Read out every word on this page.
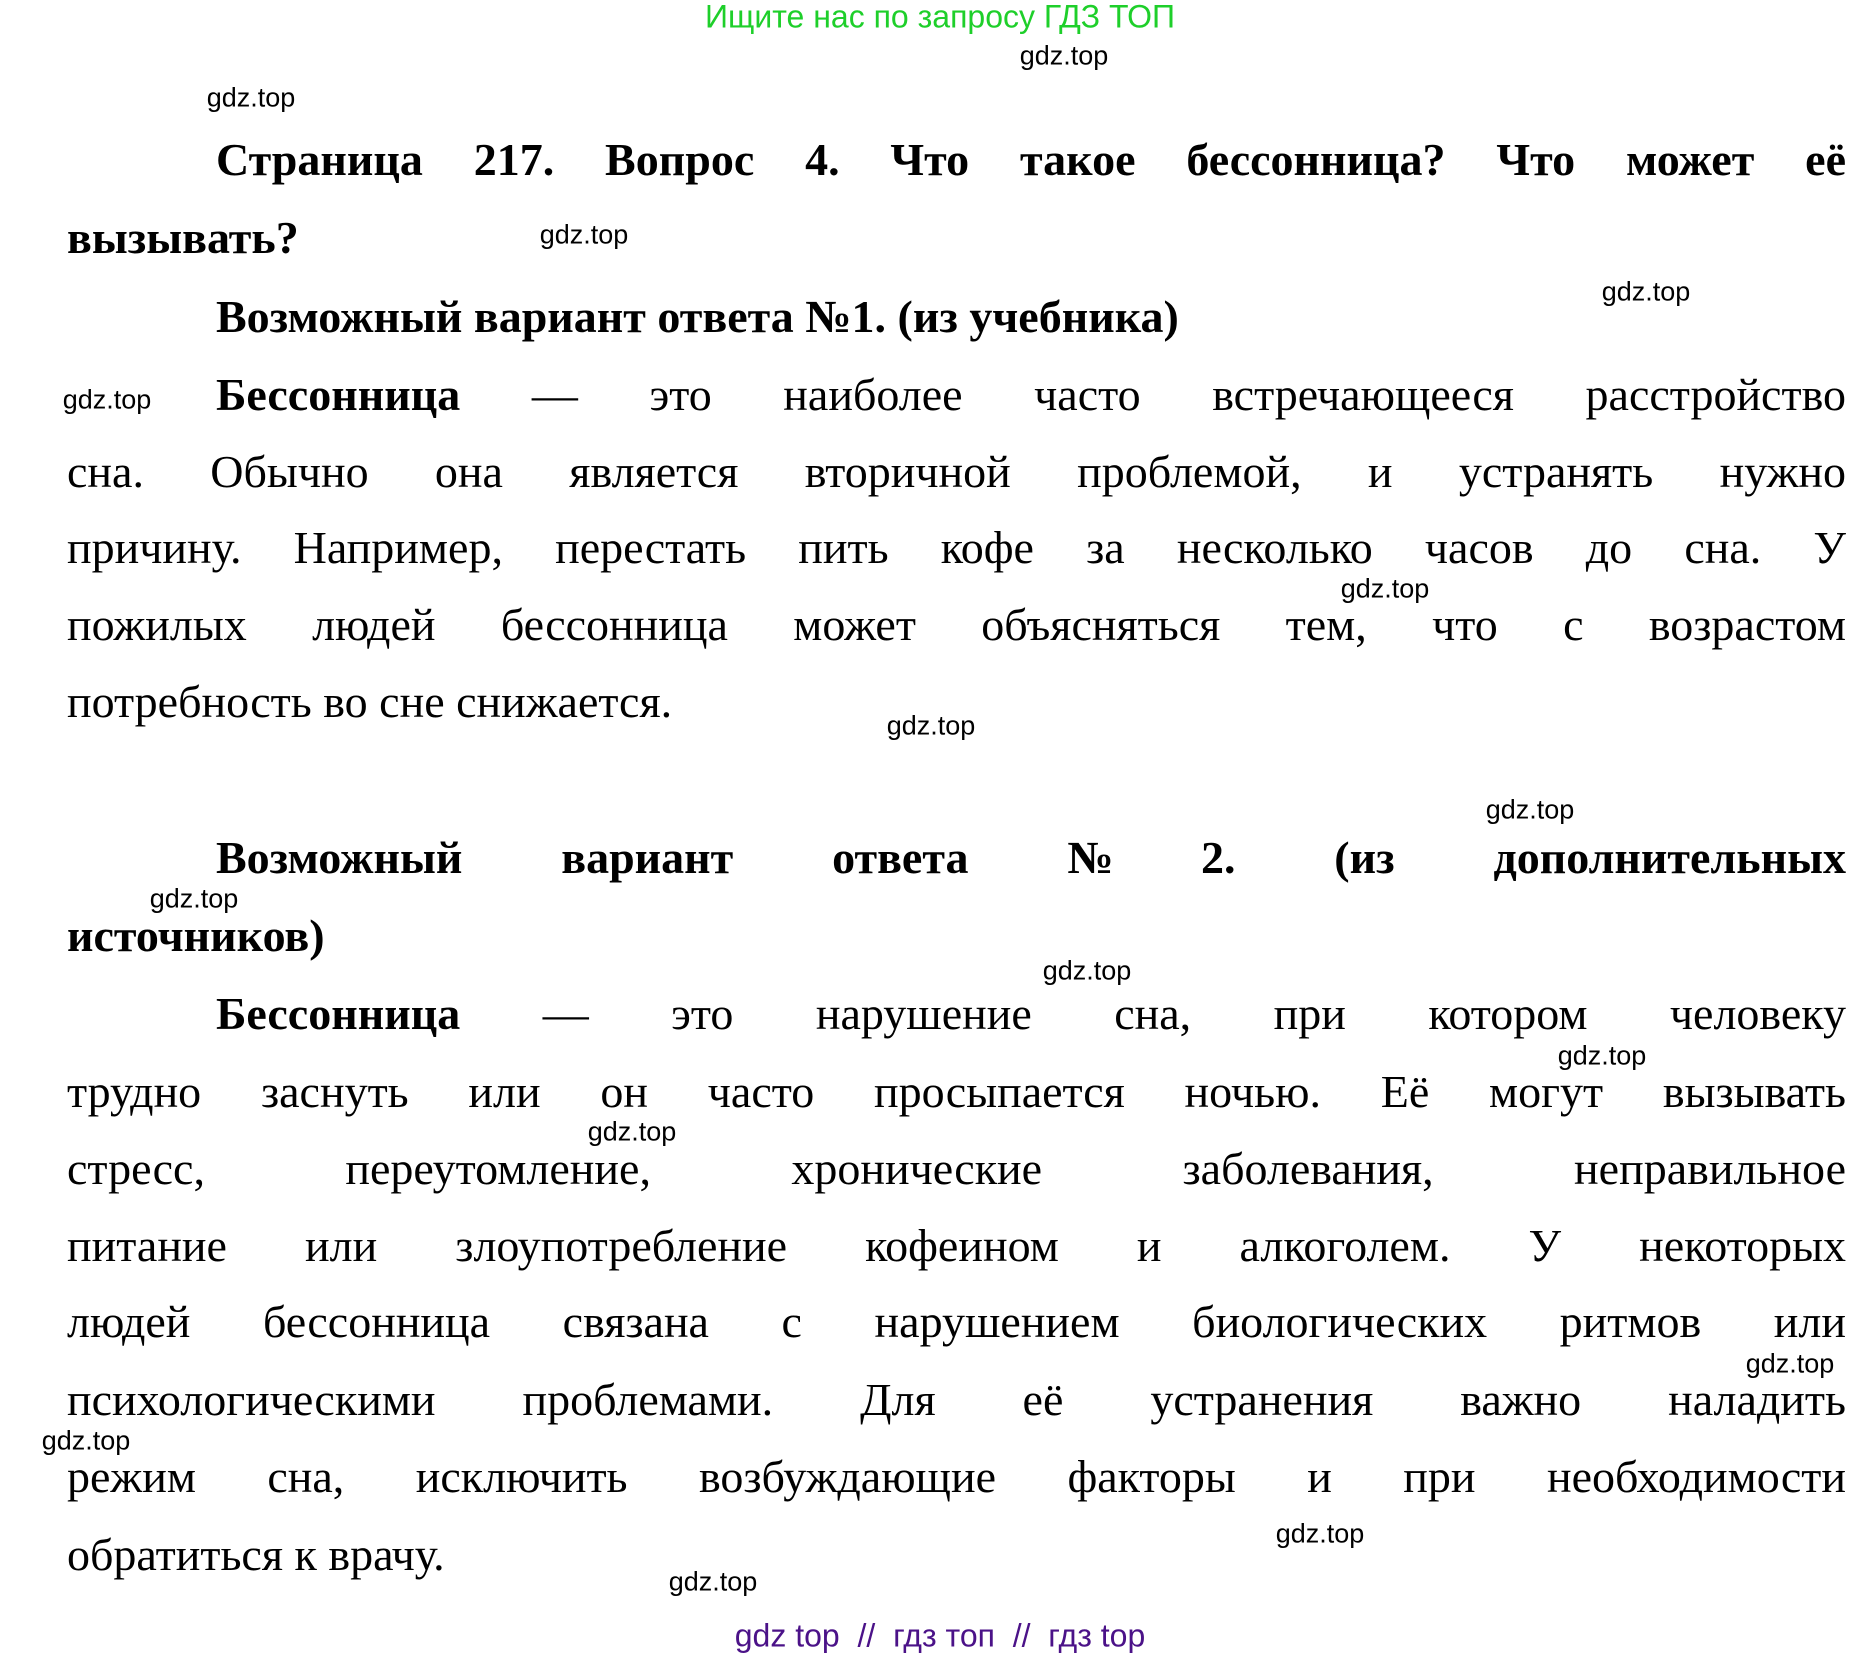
Ищите нас по запросу ГДЗ ТОП
Страница 217. Вопрос 4. Что такое бессонница? Что может её
вызывать?
Возможный вариант ответа №1. (из учебника)
Бессонница — это наиболее часто встречающееся расстройство
сна. Обычно она является вторичной проблемой, и устранять нужно
причину. Например, перестать пить кофе за несколько часов до сна. У
пожилых людей бессонница может объясняться тем, что с возрастом
потребность во сне снижается.
Возможный вариант ответа №2. (из дополнительных
источников)
Бессонница — это нарушение сна, при котором человеку
трудно заснуть или он часто просыпается ночью. Её могут вызывать
стресс, переутомление, хронические заболевания, неправильное
питание или злоупотребление кофеином и алкоголем. У некоторых
людей бессонница связана с нарушением биологических ритмов или
психологическими проблемами. Для её устранения важно наладить
режим сна, исключить возбуждающие факторы и при необходимости
обратиться к врачу.
gdz.top
gdz.top
gdz.top
gdz.top
gdz.top
gdz.top
gdz.top
gdz.top
gdz.top
gdz.top
gdz.top
gdz.top
gdz.top
gdz.top
gdz.top
gdz.top
gdz top  //  гдз топ  //  гдз top
